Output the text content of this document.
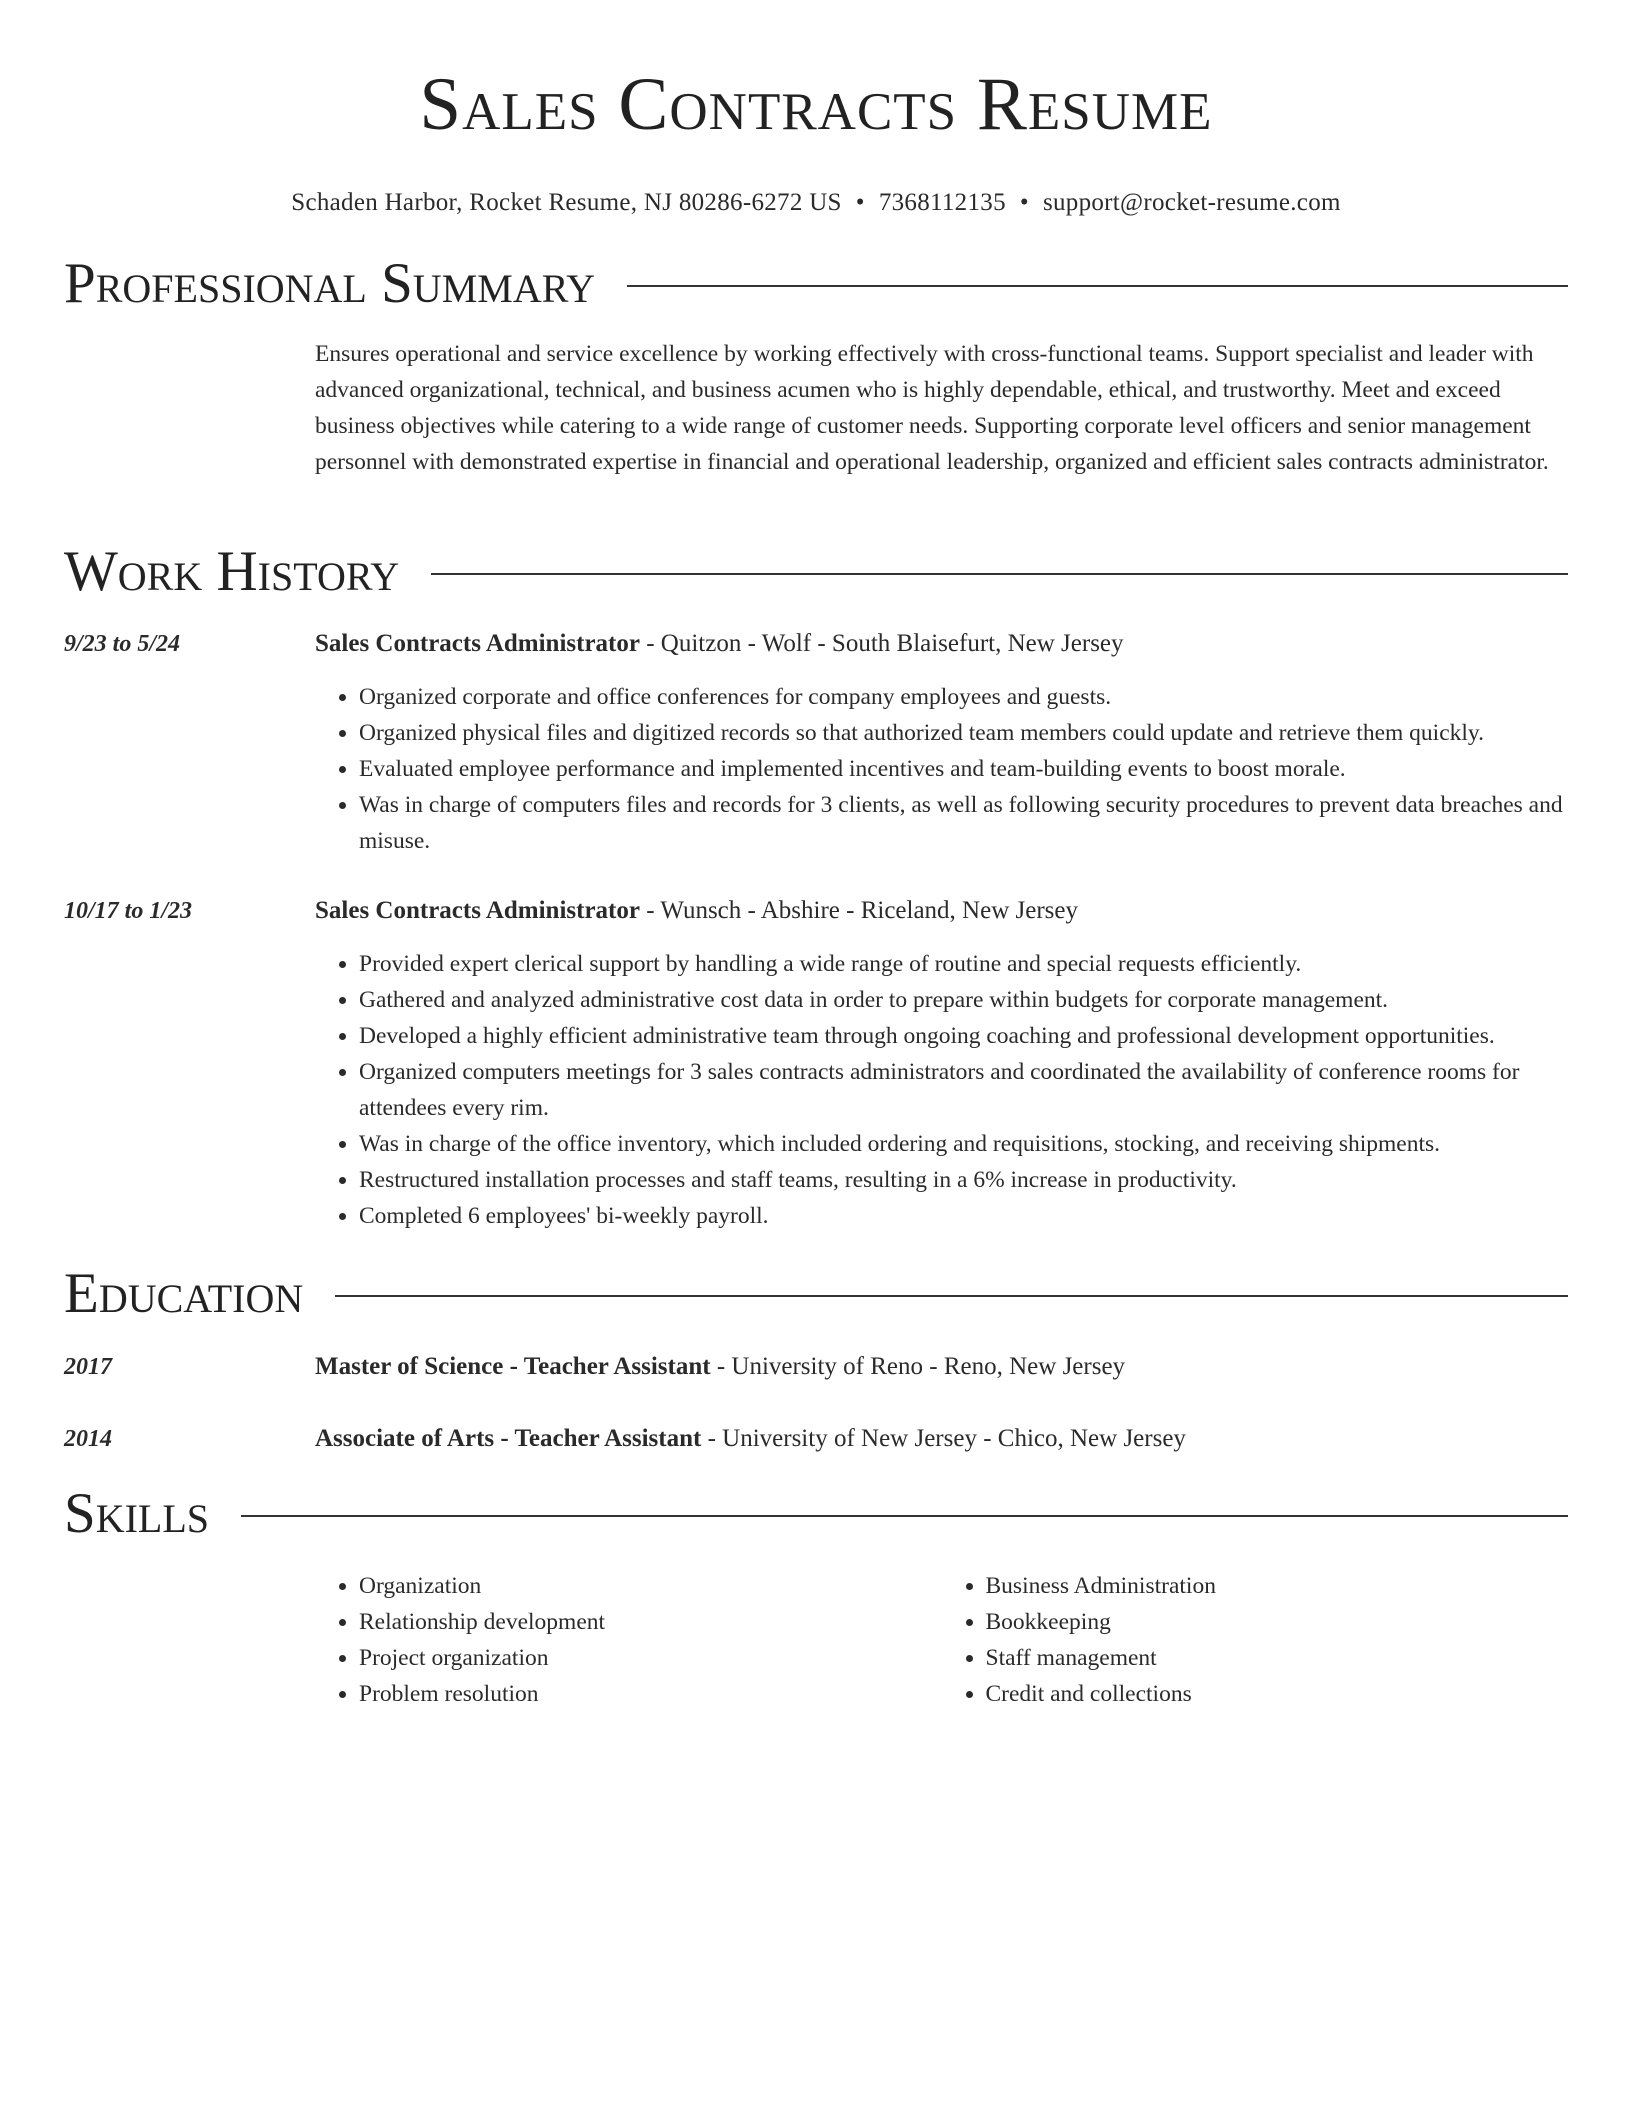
Sales Contracts Resume
Schaden Harbor, Rocket Resume, NJ 80286-6272 US • 7368112135 • support@rocket-resume.com
Professional Summary
Ensures operational and service excellence by working effectively with cross-functional teams. Support specialist and leader with advanced organizational, technical, and business acumen who is highly dependable, ethical, and trustworthy. Meet and exceed business objectives while catering to a wide range of customer needs. Supporting corporate level officers and senior management personnel with demonstrated expertise in financial and operational leadership, organized and efficient sales contracts administrator.
Work History
9/23 to 5/24	Sales Contracts Administrator - Quitzon - Wolf - South Blaisefurt, New Jersey
• Organized corporate and office conferences for company employees and guests.
• Organized physical files and digitized records so that authorized team members could update and retrieve them quickly.
• Evaluated employee performance and implemented incentives and team-building events to boost morale.
• Was in charge of computers files and records for 3 clients, as well as following security procedures to prevent data breaches and misuse.
10/17 to 1/23	Sales Contracts Administrator - Wunsch - Abshire - Riceland, New Jersey
• Provided expert clerical support by handling a wide range of routine and special requests efficiently.
• Gathered and analyzed administrative cost data in order to prepare within budgets for corporate management.
• Developed a highly efficient administrative team through ongoing coaching and professional development opportunities.
• Organized computers meetings for 3 sales contracts administrators and coordinated the availability of conference rooms for attendees every rim.
• Was in charge of the office inventory, which included ordering and requisitions, stocking, and receiving shipments.
• Restructured installation processes and staff teams, resulting in a 6% increase in productivity.
• Completed 6 employees' bi-weekly payroll.
Education
2017	Master of Science - Teacher Assistant - University of Reno - Reno, New Jersey
2014	Associate of Arts - Teacher Assistant - University of New Jersey - Chico, New Jersey
Skills
• Organization
• Relationship development
• Project organization
• Problem resolution
• Business Administration
• Bookkeeping
• Staff management
• Credit and collections
